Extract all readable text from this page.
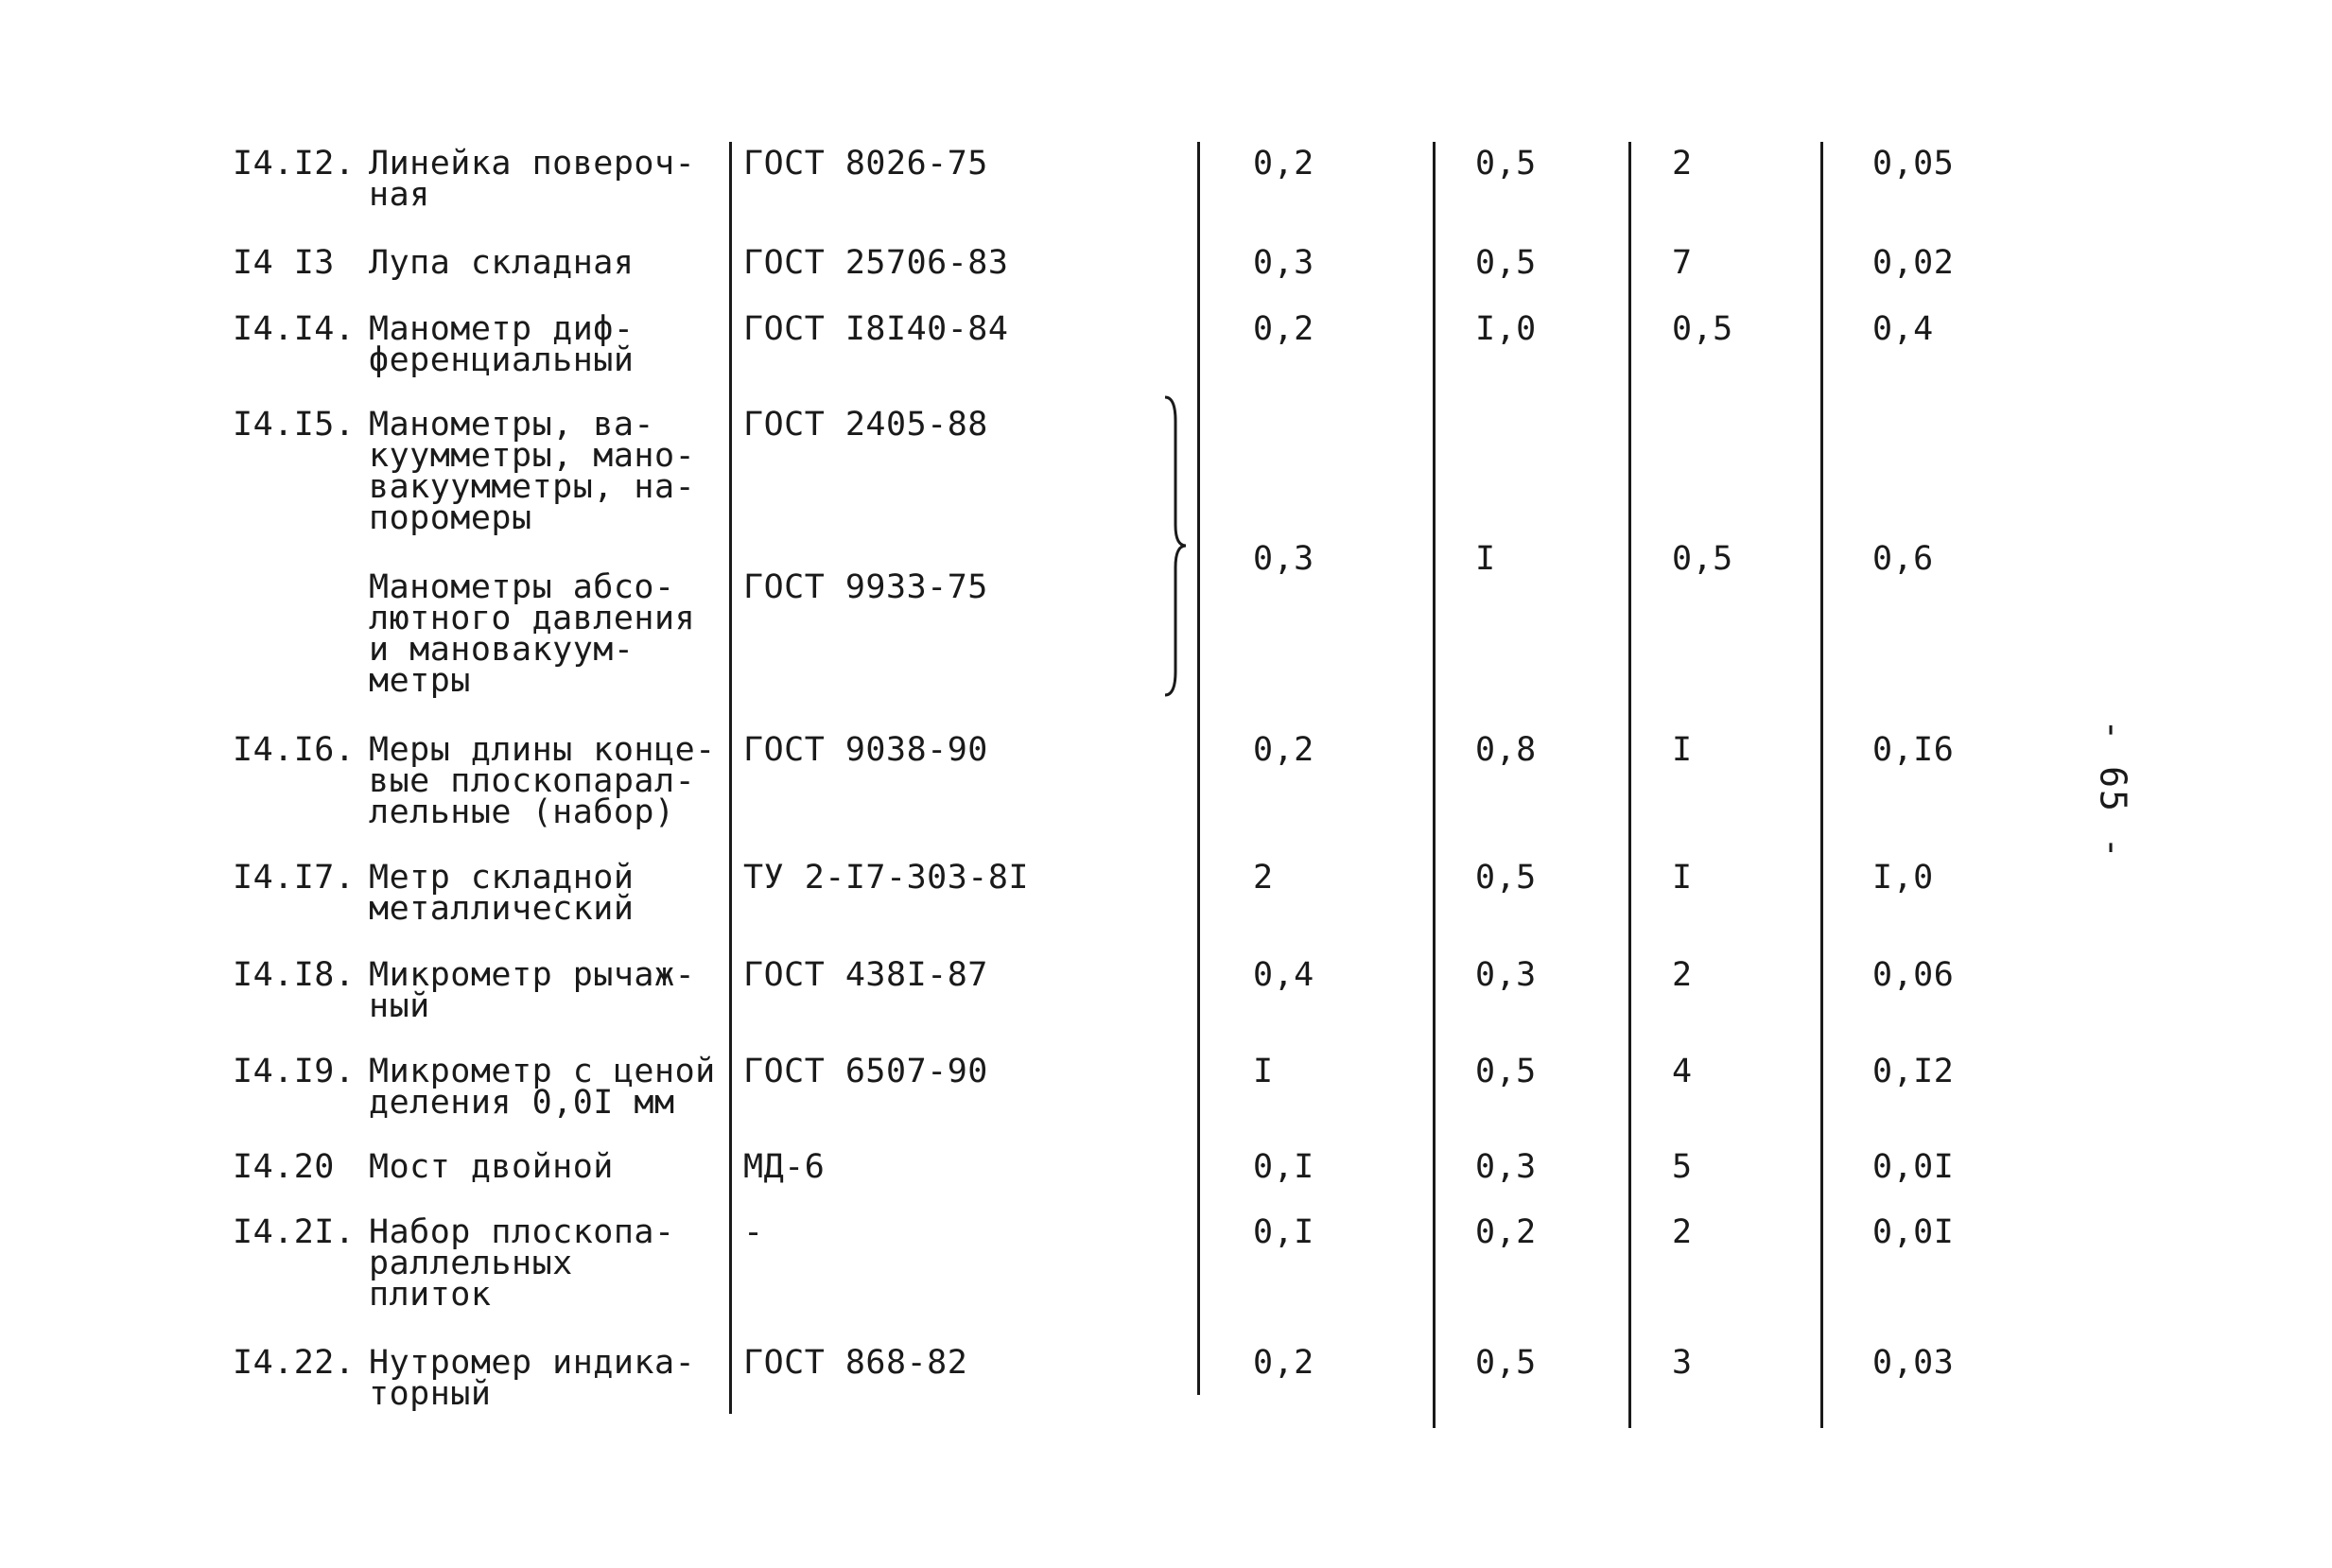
I4.I2. Линейка повероч-
ная
ГОСТ 8026-75	0,2	0,5	2	0,05
I4 I3 Лупа складная	ГОСТ 25706-83	0,3	0,5	7	0,02
I4.I4. Манометр диф-
ференциальный
ГОСТ I8I40-84	0,2	I,0	0,5	0,4
I4.I5. Манометры, ва-
куумметры, мано-
вакуумметры, на-
поромеры
ГОСТ 2405-88
Манометры абсо-
лютного давления
и мановакуум-
метры
ГОСТ 9933-75
0,3	I	0,5	0,6
I4.I6. Меры длины конце-
вые плоскопарал-
лельные (набор)
ГОСТ 9038-90	0,2	0,8	I	0,I6
I4.I7. Метр складной
металлический
ТУ 2-I7-303-8I	2	0,5	I	I,0
I4.I8. Микрометр рычаж-
ный
ГОСТ 438I-87	0,4	0,3	2	0,06
I4.I9. Микрометр с ценой
деления 0,0I мм
ГОСТ 6507-90	I	0,5	4	0,I2
I4.20 Мост двойной	МД-6	0,I	0,3	5	0,0I
I4.2I. Набор плоскопа-
раллельных
плиток
-	0,I	0,2	2	0,0I
I4.22. Нутромер индика-
торный
ГОСТ 868-82	0,2	0,5	3	0,03
- 65 -
